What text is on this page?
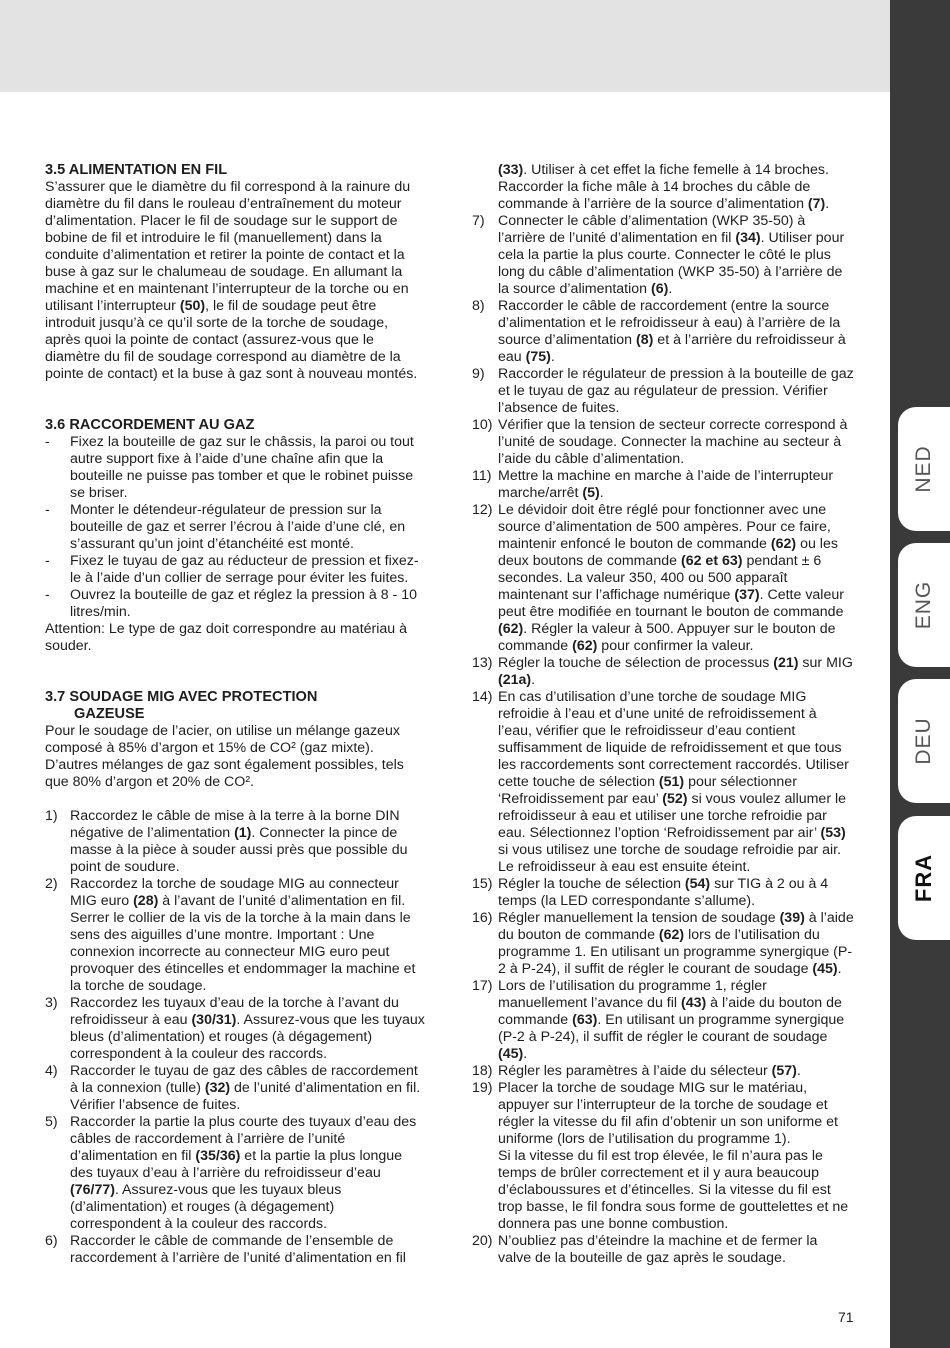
NED
ENG
DEU
FRA
3.5 ALIMENTATION EN FIL

S’assurer que le diamètre du fil correspond à la rainure du diamètre du fil dans le rouleau d’entraînement du moteur d’alimentation. Placer le fil de soudage sur le support de bobine de fil et introduire le fil (manuellement) dans la conduite d’alimentation et retirer la pointe de contact et la buse à gaz sur le chalumeau de soudage. En allumant la machine et en maintenant l’interrupteur de la torche ou en utilisant l’interrupteur (50), le fil de soudage peut être introduit jusqu’à ce qu’il sorte de la torche de soudage, après quoi la pointe de contact (assurez-vous que le diamètre du fil de soudage correspond au diamètre de la pointe de contact) et la buse à gaz sont à nouveau montés.

3.6 RACCORDEMENT AU GAZ
- Fixez la bouteille de gaz sur le châssis, la paroi ou tout autre support fixe à l’aide d’une chaîne afin que la bouteille ne puisse pas tomber et que le robinet puisse se briser.
- Monter le détendeur-régulateur de pression sur la bouteille de gaz et serrer l’écrou à l’aide d’une clé, en s’assurant qu’un joint d’étanchéité est monté.
- Fixez le tuyau de gaz au réducteur de pression et fixez-le à l’aide d’un collier de serrage pour éviter les fuites.
- Ouvrez la bouteille de gaz et réglez la pression à 8 - 10 litres/min.

Attention: Le type de gaz doit correspondre au matériau à souder.

3.7 SOUDAGE MIG AVEC PROTECTION
GAZEUSE

Pour le soudage de l’acier, on utilise un mélange gazeux composé à 85% d’argon et 15% de CO² (gaz mixte). D’autres mélanges de gaz sont également possibles, tels que 80% d’argon et 20% de CO².

1) Raccordez le câble de mise à la terre à la borne DIN négative de l’alimentation (1). Connecter la pince de masse à la pièce à souder aussi près que possible du point de soudure.
2) Raccordez la torche de soudage MIG au connecteur MIG euro (28) à l’avant de l’unité d’alimentation en fil. Serrer le collier de la vis de la torche à la main dans le sens des aiguilles d’une montre. Important : Une connexion incorrecte au connecteur MIG euro peut provoquer des étincelles et endommager la machine et la torche de soudage.
3) Raccordez les tuyaux d’eau de la torche à l’avant du refroidisseur à eau (30/31). Assurez-vous que les tuyaux bleus (d’alimentation) et rouges (à dégagement) correspondent à la couleur des raccords.
4) Raccorder le tuyau de gaz des câbles de raccordement à la connexion (tulle) (32) de l’unité d’alimentation en fil. Vérifier l’absence de fuites.
5) Raccorder la partie la plus courte des tuyaux d’eau des câbles de raccordement à l’arrière de l’unité d’alimentation en fil (35/36) et la partie la plus longue des tuyaux d’eau à l’arrière du refroidisseur d’eau (76/77). Assurez-vous que les tuyaux bleus (d’alimentation) et rouges (à dégagement) correspondent à la couleur des raccords.
6) Raccorder le câble de commande de l’ensemble de raccordement à l’arrière de l’unité d’alimentation en fil
(33). Utiliser à cet effet la fiche femelle à 14 broches. Raccorder la fiche mâle à 14 broches du câble de commande à l’arrière de la source d’alimentation (7).
7) Connecter le câble d’alimentation (WKP 35-50) à l’arrière de l’unité d’alimentation en fil (34). Utiliser pour cela la partie la plus courte. Connecter le côté le plus long du câble d’alimentation (WKP 35-50) à l’arrière de la source d’alimentation (6).
8) Raccorder le câble de raccordement (entre la source d’alimentation et le refroidisseur à eau) à l’arrière de la source d’alimentation (8) et à l’arrière du refroidisseur à eau (75).
9) Raccorder le régulateur de pression à la bouteille de gaz et le tuyau de gaz au régulateur de pression. Vérifier l’absence de fuites.
10) Vérifier que la tension de secteur correcte correspond à l’unité de soudage. Connecter la machine au secteur à l’aide du câble d’alimentation.
11) Mettre la machine en marche à l’aide de l’interrupteur marche/arrêt (5).
12) Le dévidoir doit être réglé pour fonctionner avec une source d’alimentation de 500 ampères. Pour ce faire, maintenir enfoncé le bouton de commande (62) ou les deux boutons de commande (62 et 63) pendant ± 6 secondes. La valeur 350, 400 ou 500 apparaît maintenant sur l’affichage numérique (37). Cette valeur peut être modifiée en tournant le bouton de commande (62). Régler la valeur à 500. Appuyer sur le bouton de commande (62) pour confirmer la valeur.
13) Régler la touche de sélection de processus (21) sur MIG (21a).
14) En cas d’utilisation d’une torche de soudage MIG refroidie à l’eau et d’une unité de refroidissement à l’eau, vérifier que le refroidisseur d’eau contient suffisamment de liquide de refroidissement et que tous les raccordements sont correctement raccordés. Utiliser cette touche de sélection (51) pour sélectionner ‘Refroidissement par eau’ (52) si vous voulez allumer le refroidisseur à eau et utiliser une torche refroidie par eau. Sélectionnez l’option ‘Refroidissement par air’ (53) si vous utilisez une torche de soudage refroidie par air. Le refroidisseur à eau est ensuite éteint.
15) Régler la touche de sélection (54) sur TIG à 2 ou à 4 temps (la LED correspondante s’allume).
16) Régler manuellement la tension de soudage (39) à l’aide du bouton de commande (62) lors de l’utilisation du programme 1. En utilisant un programme synergique (P-2 à P-24), il suffit de régler le courant de soudage (45).
17) Lors de l’utilisation du programme 1, régler manuellement l’avance du fil (43) à l’aide du bouton de commande (63). En utilisant un programme synergique (P-2 à P-24), il suffit de régler le courant de soudage (45).
18) Régler les paramètres à l’aide du sélecteur (57).
19) Placer la torche de soudage MIG sur le matériau, appuyer sur l’interrupteur de la torche de soudage et régler la vitesse du fil afin d’obtenir un son uniforme et uniforme (lors de l’utilisation du programme 1).
Si la vitesse du fil est trop élevée, le fil n’aura pas le temps de brûler correctement et il y aura beaucoup d’éclaboussures et d’étincelles. Si la vitesse du fil est trop basse, le fil fondra sous forme de gouttelettes et ne donnera pas une bonne combustion.
20) N’oubliez pas d’éteindre la machine et de fermer la valve de la bouteille de gaz après le soudage.
71
